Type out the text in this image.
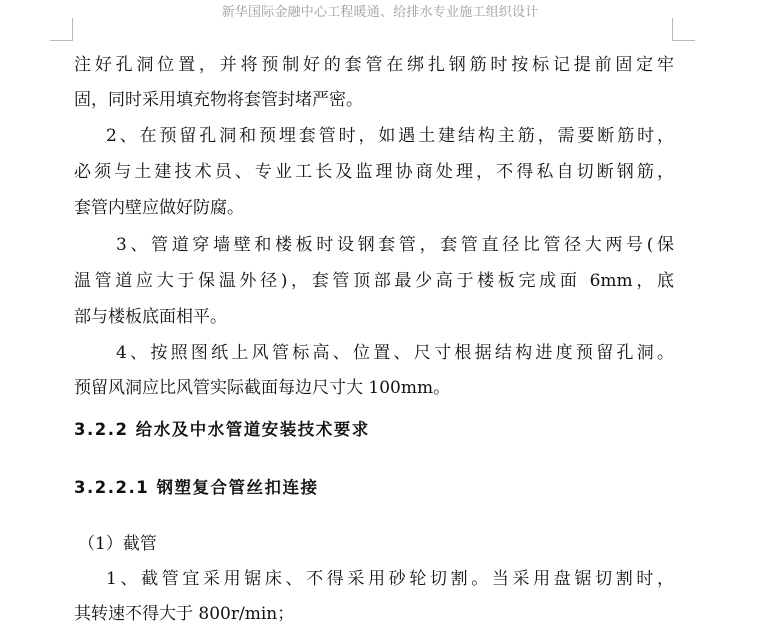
新华国际金融中心工程暖通、给排水专业施工组织设计
注好孔洞位置，并将预制好的套管在绑扎钢筋时按标记提前固定牢
固，同时采用填充物将套管封堵严密。
2、在预留孔洞和预埋套管时，如遇土建结构主筋，需要断筋时，
必须与土建技术员、专业工长及监理协商处理，不得私自切断钢筋，
套管内壁应做好防腐。
3、管道穿墙壁和楼板时设钢套管，套管直径比管径大两号(保
温管道应大于保温外径)，套管顶部最少高于楼板完成面 6mm，底
部与楼板底面相平。
4、按照图纸上风管标高、位置、尺寸根据结构进度预留孔洞。
预留风洞应比风管实际截面每边尺寸大 100mm。
3.2.2 给水及中水管道安装技术要求
3.2.2.1 钢塑复合管丝扣连接
（1）截管
1、截管宜采用锯床、不得采用砂轮切割。当采用盘锯切割时，
其转速不得大于 800r/min；
